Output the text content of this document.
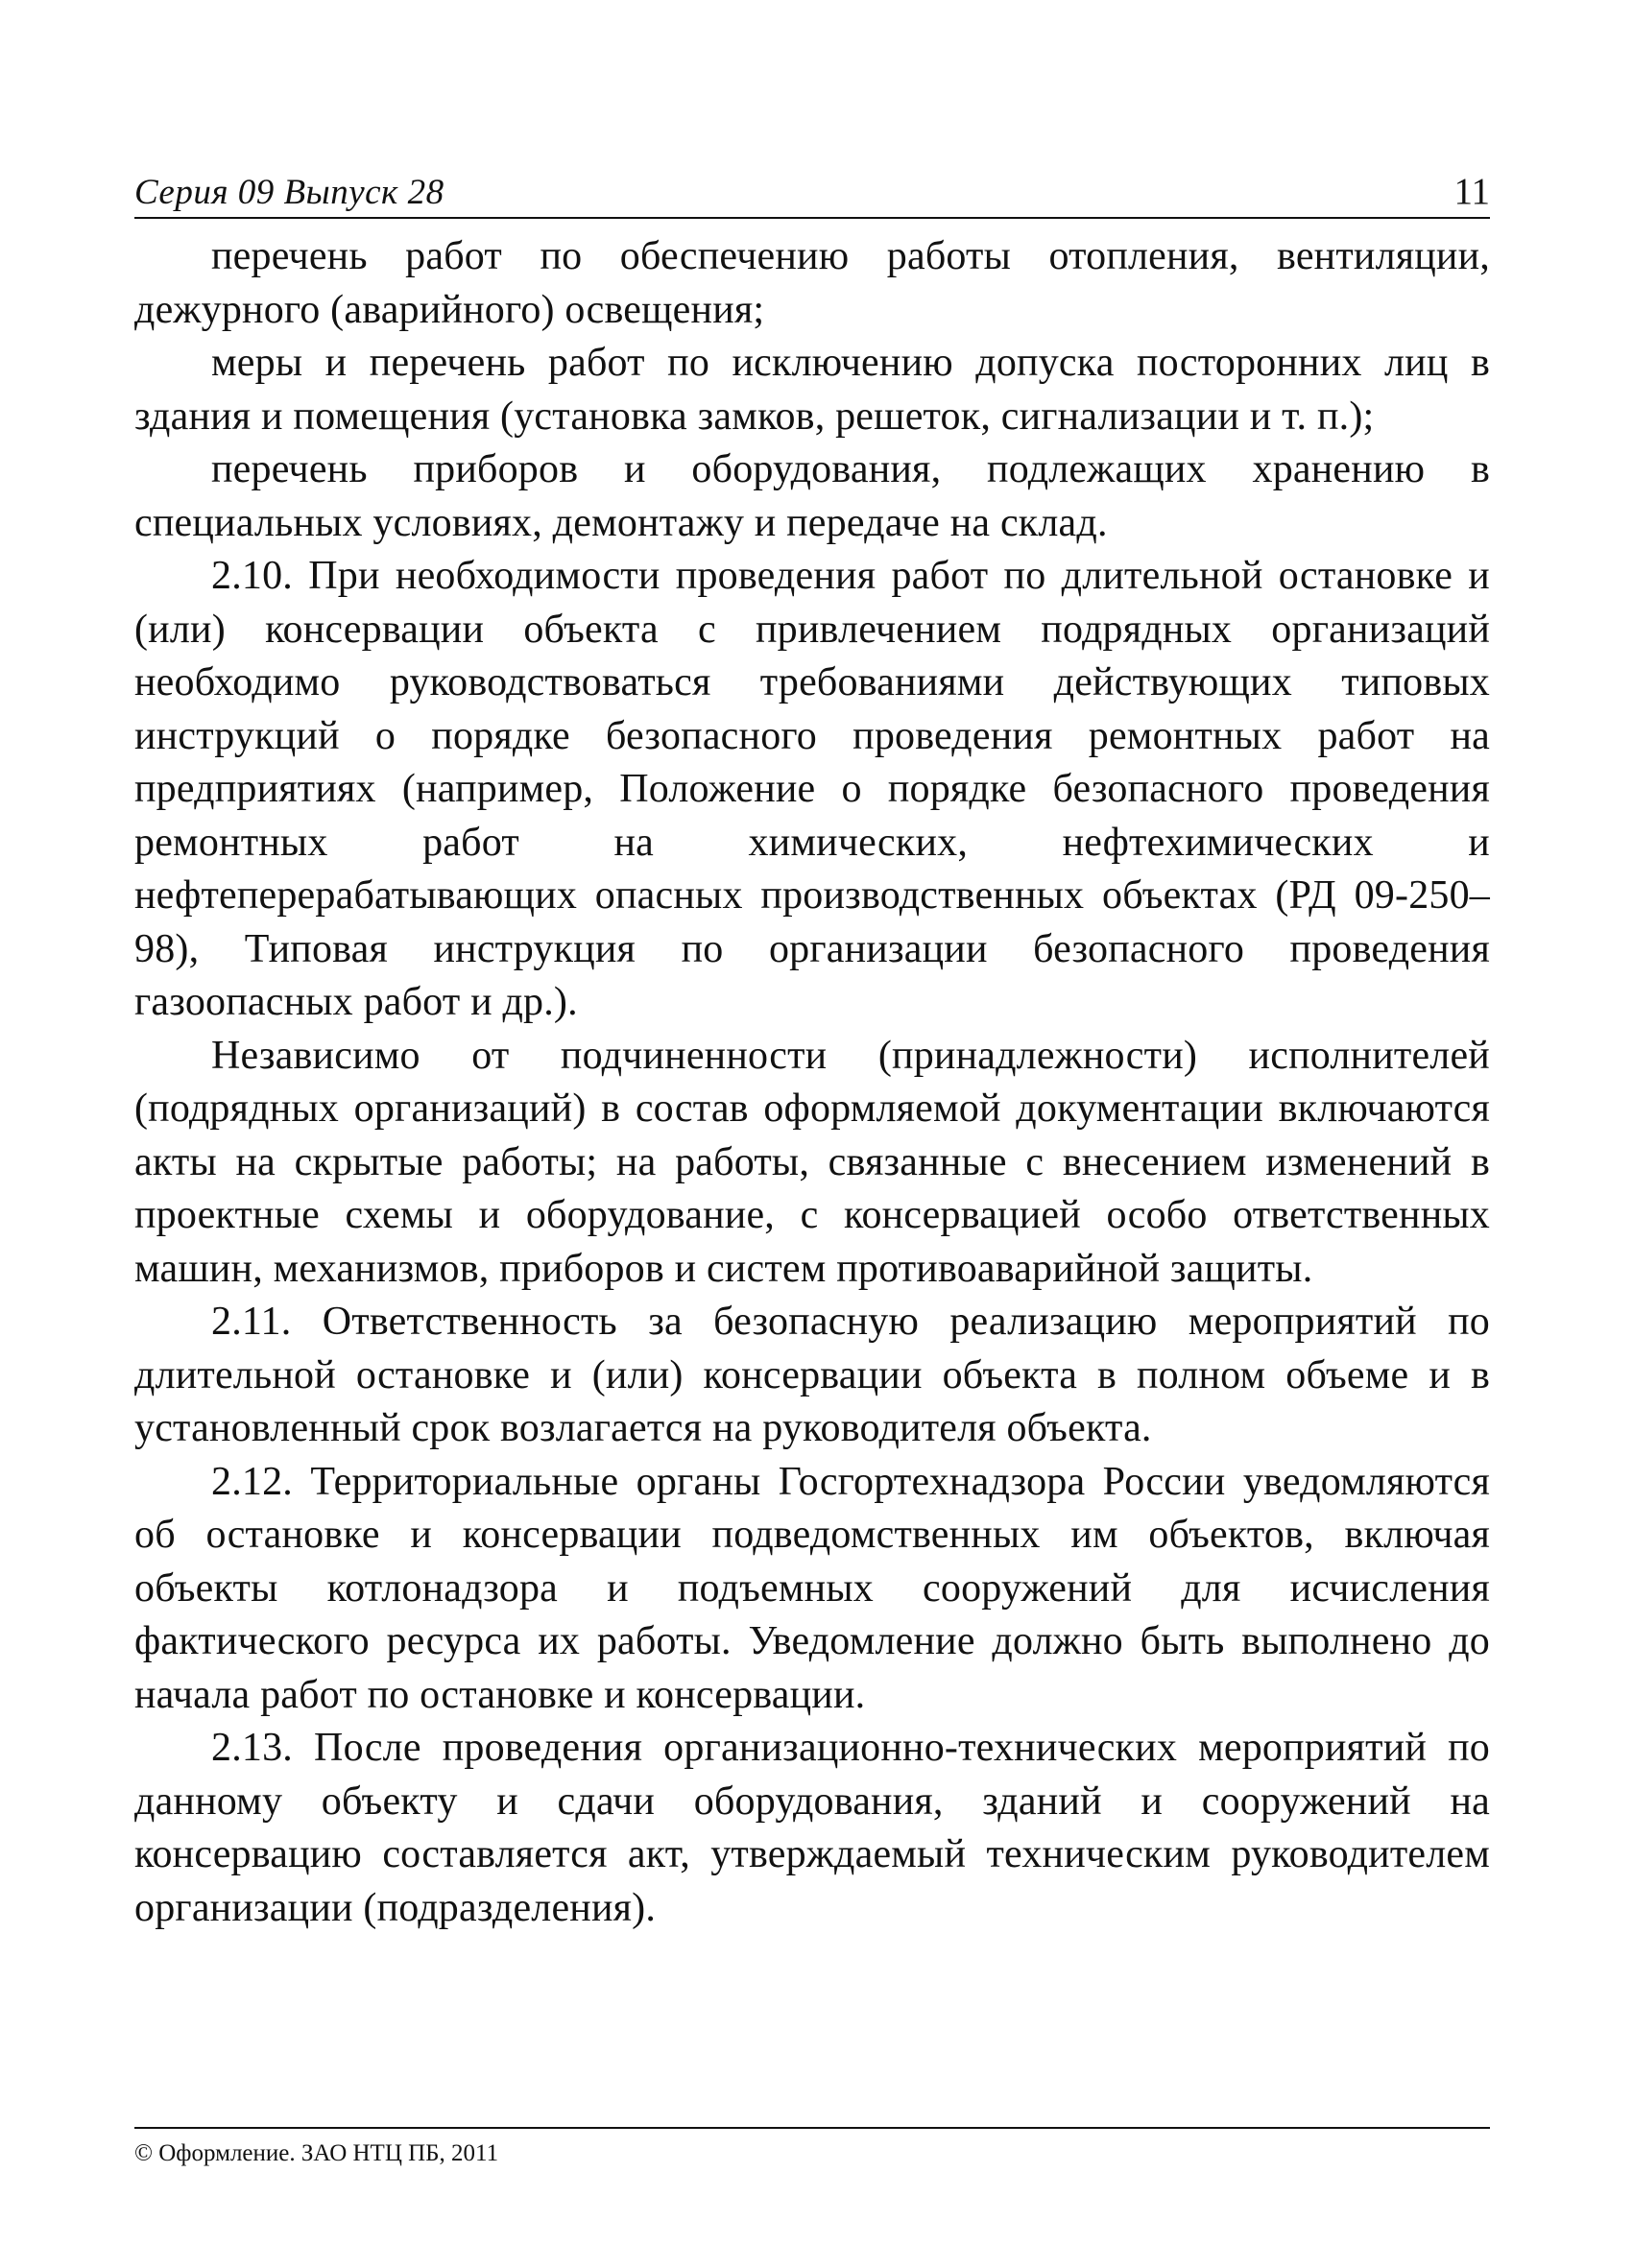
Серия 09 Выпуск 28	11

перечень работ по обеспечению работы отопления, вентиляции, дежурного (аварийного) освещения;

меры и перечень работ по исключению допуска посторонних лиц в здания и помещения (установка замков, решеток, сигнализации и т. п.);

перечень приборов и оборудования, подлежащих хранению в специальных условиях, демонтажу и передаче на склад.

2.10. При необходимости проведения работ по длительной остановке и (или) консервации объекта с привлечением подрядных организаций необходимо руководствоваться требованиями действующих типовых инструкций о порядке безопасного проведения ремонтных работ на предприятиях (например, Положение о порядке безопасного проведения ремонтных работ на химических, нефтехимических и нефтеперерабатывающих опасных производственных объектах (РД 09-250–98), Типовая инструкция по организации безопасного проведения газоопасных работ и др.).

Независимо от подчиненности (принадлежности) исполнителей (подрядных организаций) в состав оформляемой документации включаются акты на скрытые работы; на работы, связанные с внесением изменений в проектные схемы и оборудование, с консервацией особо ответственных машин, механизмов, приборов и систем противоаварийной защиты.

2.11. Ответственность за безопасную реализацию мероприятий по длительной остановке и (или) консервации объекта в полном объеме и в установленный срок возлагается на руководителя объекта.

2.12. Территориальные органы Госгортехнадзора России уведомляются об остановке и консервации подведомственных им объектов, включая объекты котлонадзора и подъемных сооружений для исчисления фактического ресурса их работы. Уведомление должно быть выполнено до начала работ по остановке и консервации.

2.13. После проведения организационно-технических мероприятий по данному объекту и сдачи оборудования, зданий и сооружений на консервацию составляется акт, утверждаемый техническим руководителем организации (подразделения).

© Оформление. ЗАО НТЦ ПБ, 2011
